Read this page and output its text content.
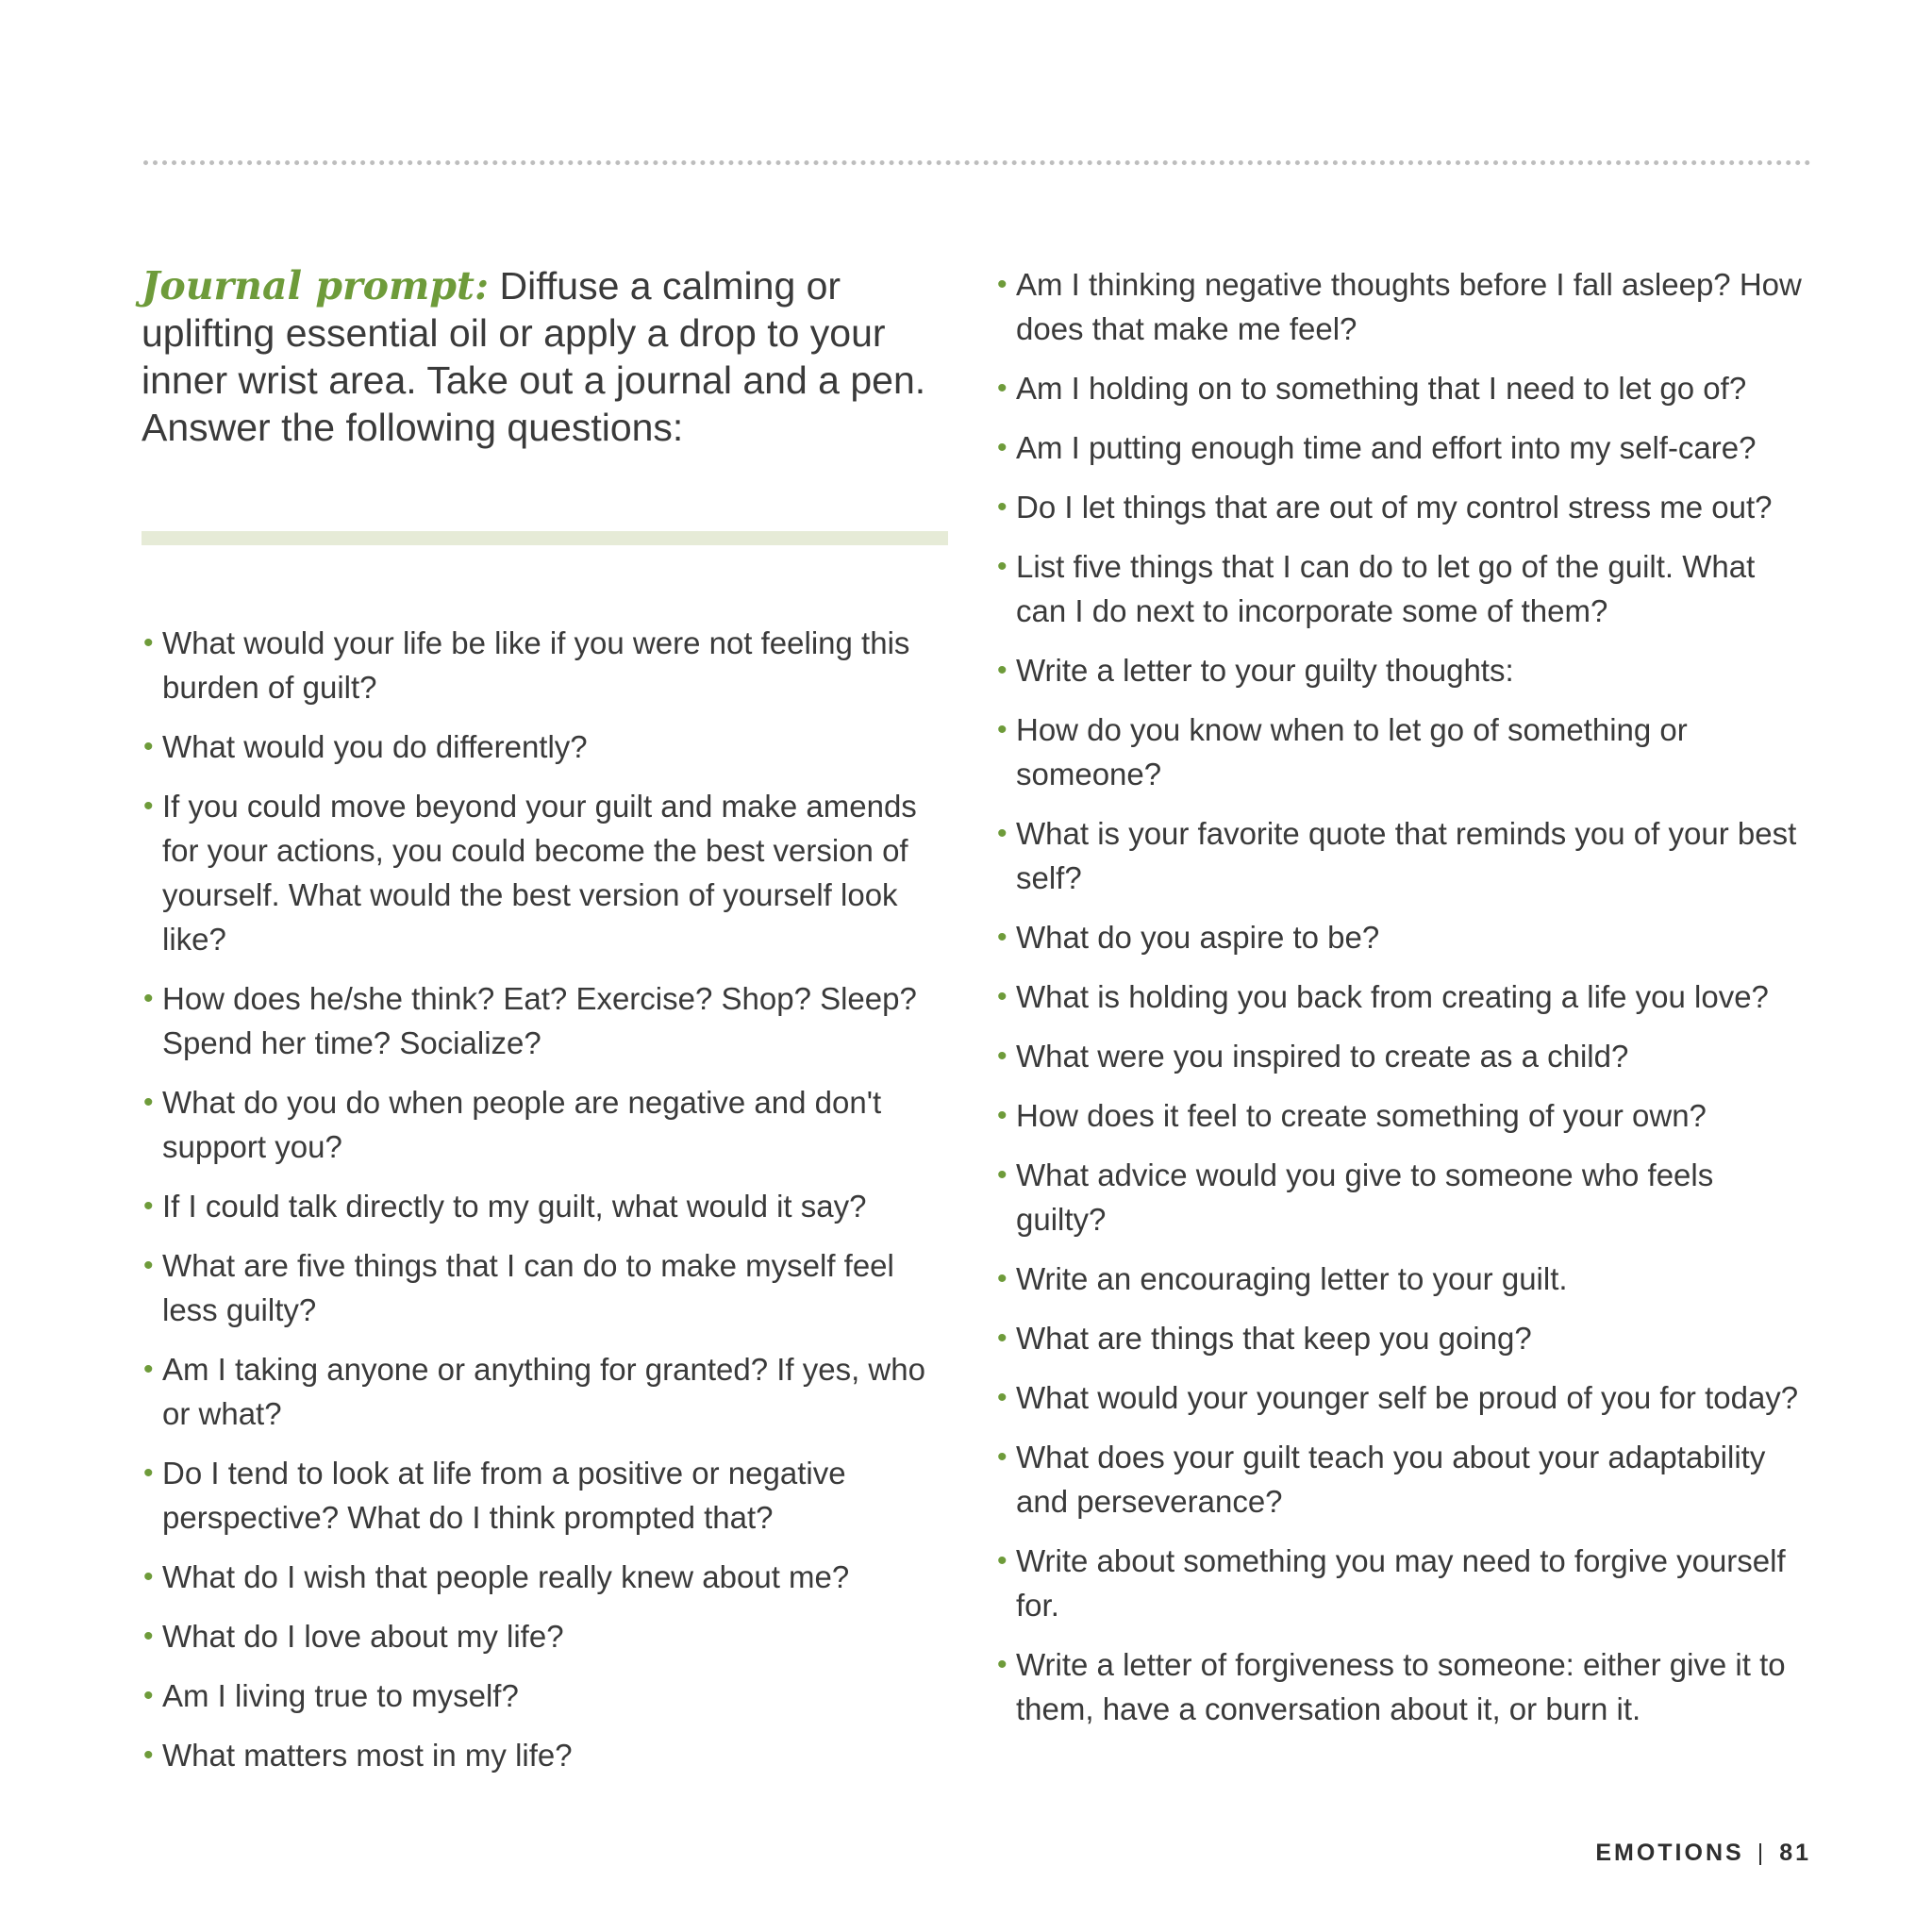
Journal prompt: Diffuse a calming or uplifting essential oil or apply a drop to your inner wrist area. Take out a journal and a pen. Answer the following questions:

• What would your life be like if you were not feeling this burden of guilt?
• What would you do differently?
• If you could move beyond your guilt and make amends for your actions, you could become the best version of yourself. What would the best version of yourself look like?
• How does he/she think? Eat? Exercise? Shop? Sleep? Spend her time? Socialize?
• What do you do when people are negative and don't support you?
• If I could talk directly to my guilt, what would it say?
• What are five things that I can do to make myself feel less guilty?
• Am I taking anyone or anything for granted? If yes, who or what?
• Do I tend to look at life from a positive or negative perspective? What do I think prompted that?
• What do I wish that people really knew about me?
• What do I love about my life?
• Am I living true to myself?
• What matters most in my life?
• Am I thinking negative thoughts before I fall asleep? How does that make me feel?
• Am I holding on to something that I need to let go of?
• Am I putting enough time and effort into my self-care?
• Do I let things that are out of my control stress me out?
• List five things that I can do to let go of the guilt. What can I do next to incorporate some of them?
• Write a letter to your guilty thoughts:
• How do you know when to let go of something or someone?
• What is your favorite quote that reminds you of your best self?
• What do you aspire to be?
• What is holding you back from creating a life you love?
• What were you inspired to create as a child?
• How does it feel to create something of your own?
• What advice would you give to someone who feels guilty?
• Write an encouraging letter to your guilt.
• What are things that keep you going?
• What would your younger self be proud of you for today?
• What does your guilt teach you about your adaptability and perseverance?
• Write about something you may need to forgive yourself for.
• Write a letter of forgiveness to someone: either give it to them, have a conversation about it, or burn it.
EMOTIONS | 81
